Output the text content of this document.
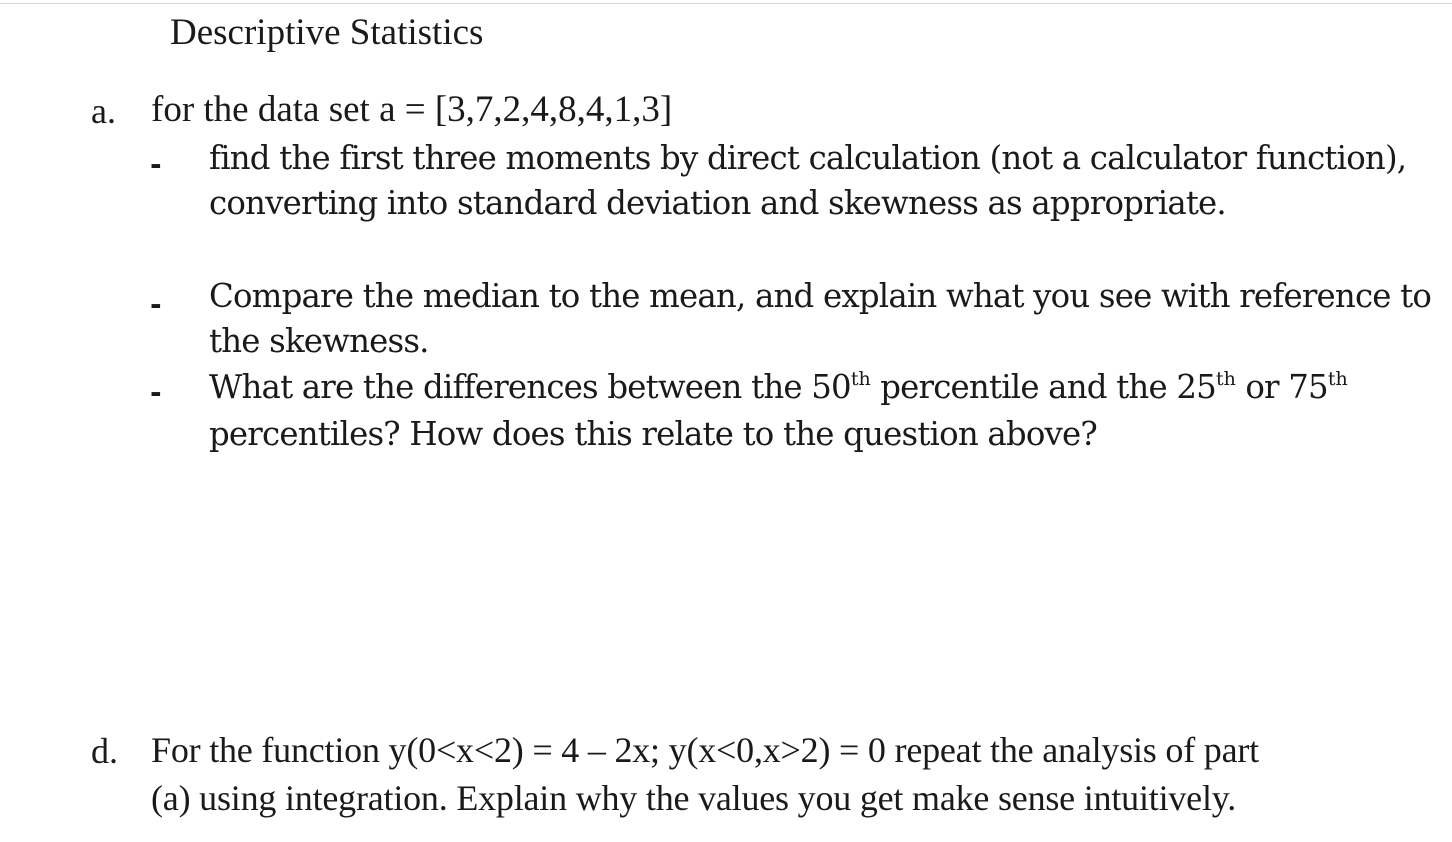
Descriptive Statistics
a. for the data set a = [3,7,2,4,8,4,1,3]
- find the first three moments by direct calculation (not a calculator function), converting into standard deviation and skewness as appropriate.

- Compare the median to the mean, and explain what you see with reference to the skewness.

- What are the differences between the 50th percentile and the 25th or 75th percentiles? How does this relate to the question above?

d. For the function y(0<x<2) = 4 – 2x; y(x<0,x>2) = 0 repeat the analysis of part
(a) using integration. Explain why the values you get make sense intuitively.
